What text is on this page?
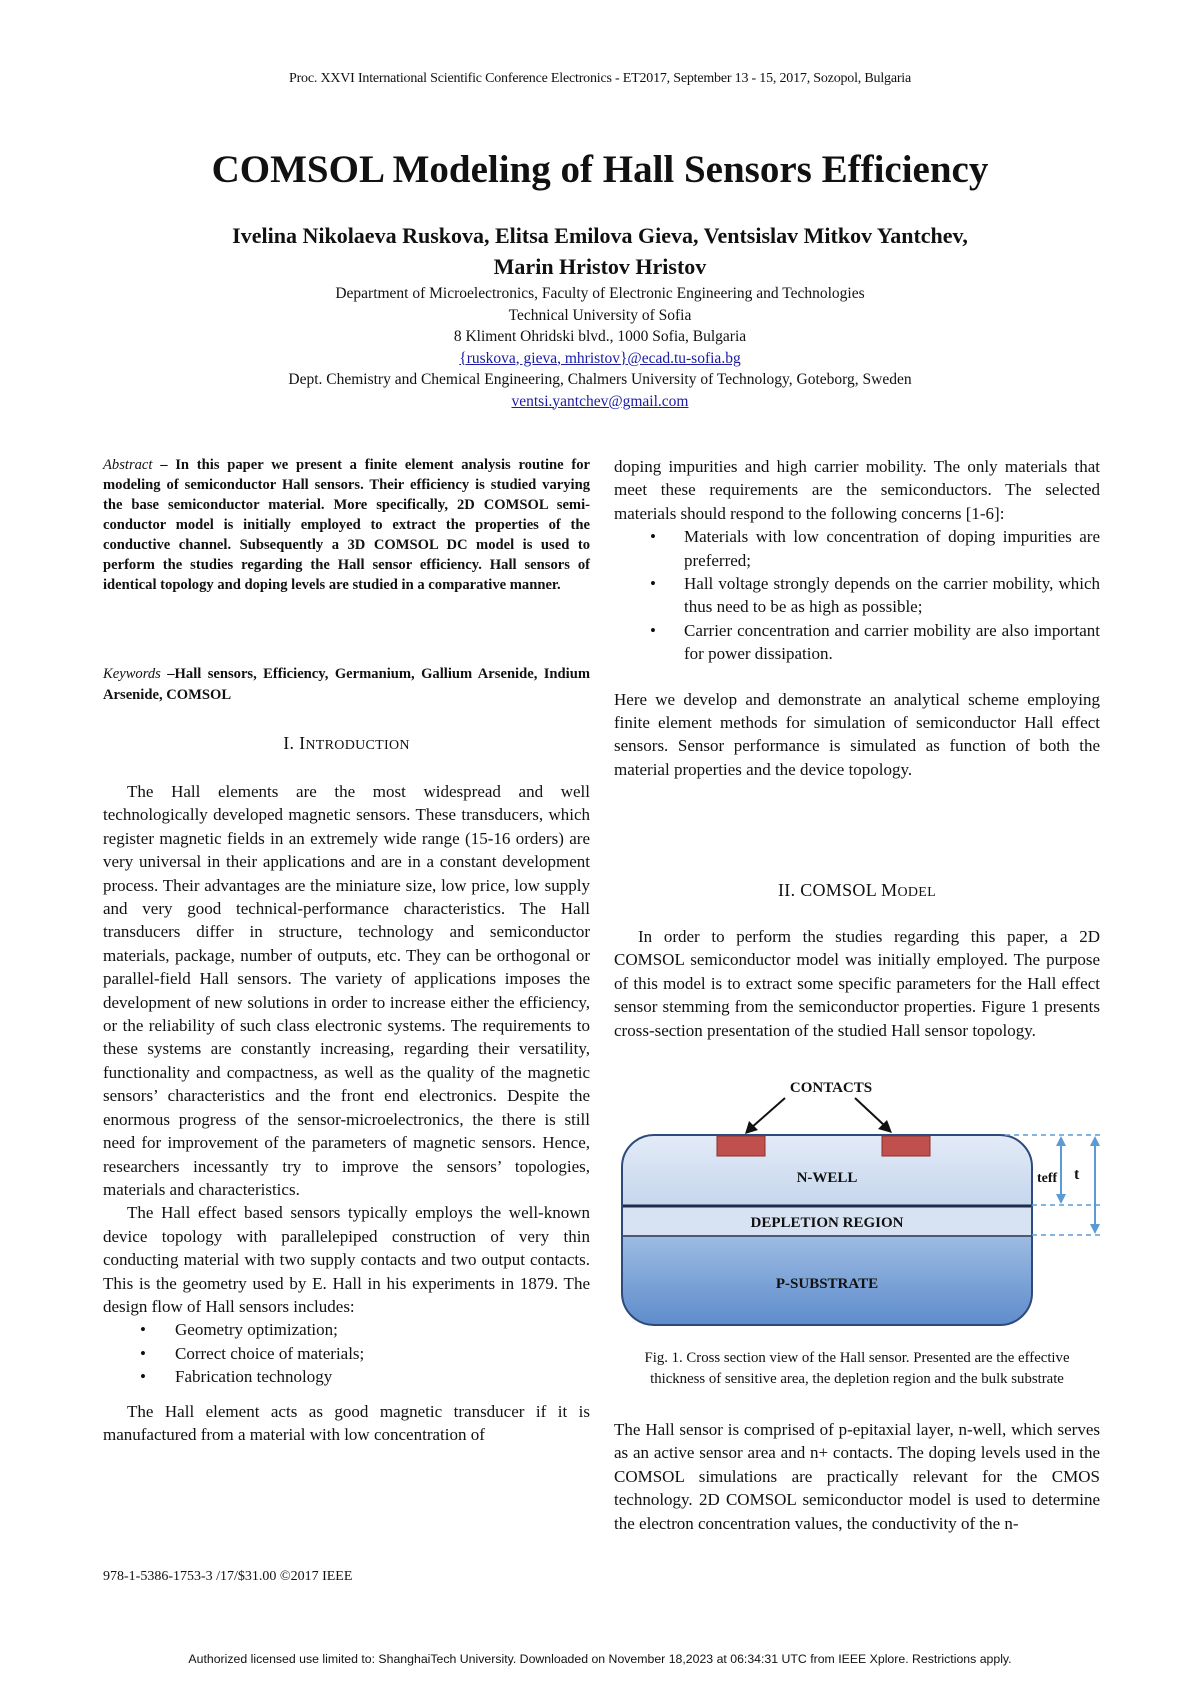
Proc. XXVI International Scientific Conference Electronics - ET2017, September 13 - 15, 2017, Sozopol, Bulgaria
COMSOL Modeling of Hall Sensors Efficiency
Ivelina Nikolaeva Ruskova, Elitsa Emilova Gieva, Ventsislav Mitkov Yantchev,
Marin Hristov Hristov
Department of Microelectronics, Faculty of Electronic Engineering and Technologies
Technical University of Sofia
8 Kliment Ohridski blvd., 1000 Sofia, Bulgaria
{ruskova, gieva, mhristov}@ecad.tu-sofia.bg
Dept. Chemistry and Chemical Engineering, Chalmers University of Technology, Goteborg, Sweden
ventsi.yantchev@gmail.com
Abstract – In this paper we present a finite element analysis routine for modeling of semiconductor Hall sensors. Their efficiency is studied varying the base semiconductor material. More specifically, 2D COMSOL semi-conductor model is initially employed to extract the properties of the conductive channel. Subsequently a 3D COMSOL DC model is used to perform the studies regarding the Hall sensor efficiency. Hall sensors of identical topology and doping levels are studied in a comparative manner.
Keywords –Hall sensors, Efficiency, Germanium, Gallium Arsenide, Indium Arsenide, COMSOL
I. INTRODUCTION

The Hall elements are the most widespread and well technologically developed magnetic sensors. These transducers, which register magnetic fields in an extremely wide range (15-16 orders) are very universal in their applications and are in a constant development process. Their advantages are the miniature size, low price, low supply and very good technical-performance characteristics. The Hall transducers differ in structure, technology and semiconductor materials, package, number of outputs, etc. They can be orthogonal or parallel-field Hall sensors. The variety of applications imposes the development of new solutions in order to increase either the efficiency, or the reliability of such class electronic systems. The requirements to these systems are constantly increasing, regarding their versatility, functionality and compactness, as well as the quality of the magnetic sensors’ characteristics and the front end electronics. Despite the enormous progress of the sensor-microelectronics, the there is still need for improvement of the parameters of magnetic sensors. Hence, researchers incessantly try to improve the sensors’ topologies, materials and characteristics.

The Hall effect based sensors typically employs the well-known device topology with parallelepiped construction of very thin conducting material with two supply contacts and two output contacts. This is the geometry used by E. Hall in his experiments in 1879. The design flow of Hall sensors includes:

• Geometry optimization;
• Correct choice of materials;
• Fabrication technology

The Hall element acts as good magnetic transducer if it is manufactured from a material with low concentration of

978-1-5386-1753-3 /17/$31.00 ©2017 IEEE

doping impurities and high carrier mobility. The only materials that meet these requirements are the semiconductors. The selected materials should respond to the following concerns [1-6]:

• Materials with low concentration of doping impurities are preferred;
• Hall voltage strongly depends on the carrier mobility, which thus need to be as high as possible;
• Carrier concentration and carrier mobility are also important for power dissipation.

Here we develop and demonstrate an analytical scheme employing finite element methods for simulation of semiconductor Hall effect sensors. Sensor performance is simulated as function of both the material properties and the device topology.

II. COMSOL MODEL

In order to perform the studies regarding this paper, a 2D COMSOL semiconductor model was initially employed. The purpose of this model is to extract some specific parameters for the Hall effect sensor stemming from the semiconductor properties. Figure 1 presents cross-section presentation of the studied Hall sensor topology.

CONTACTS
N-WELL
DEPLETION REGION
P-SUBSTRATE
teff t
Fig. 1. Cross section view of the Hall sensor. Presented are the effective thickness of sensitive area, the depletion region and the bulk substrate

The Hall sensor is comprised of p-epitaxial layer, n-well, which serves as an active sensor area and n+ contacts. The doping levels used in the COMSOL simulations are practically relevant for the CMOS technology. 2D COMSOL semiconductor model is used to determine the electron concentration values, the conductivity of the n-

Authorized licensed use limited to: ShanghaiTech University. Downloaded on November 18,2023 at 06:34:31 UTC from IEEE Xplore. Restrictions apply.
